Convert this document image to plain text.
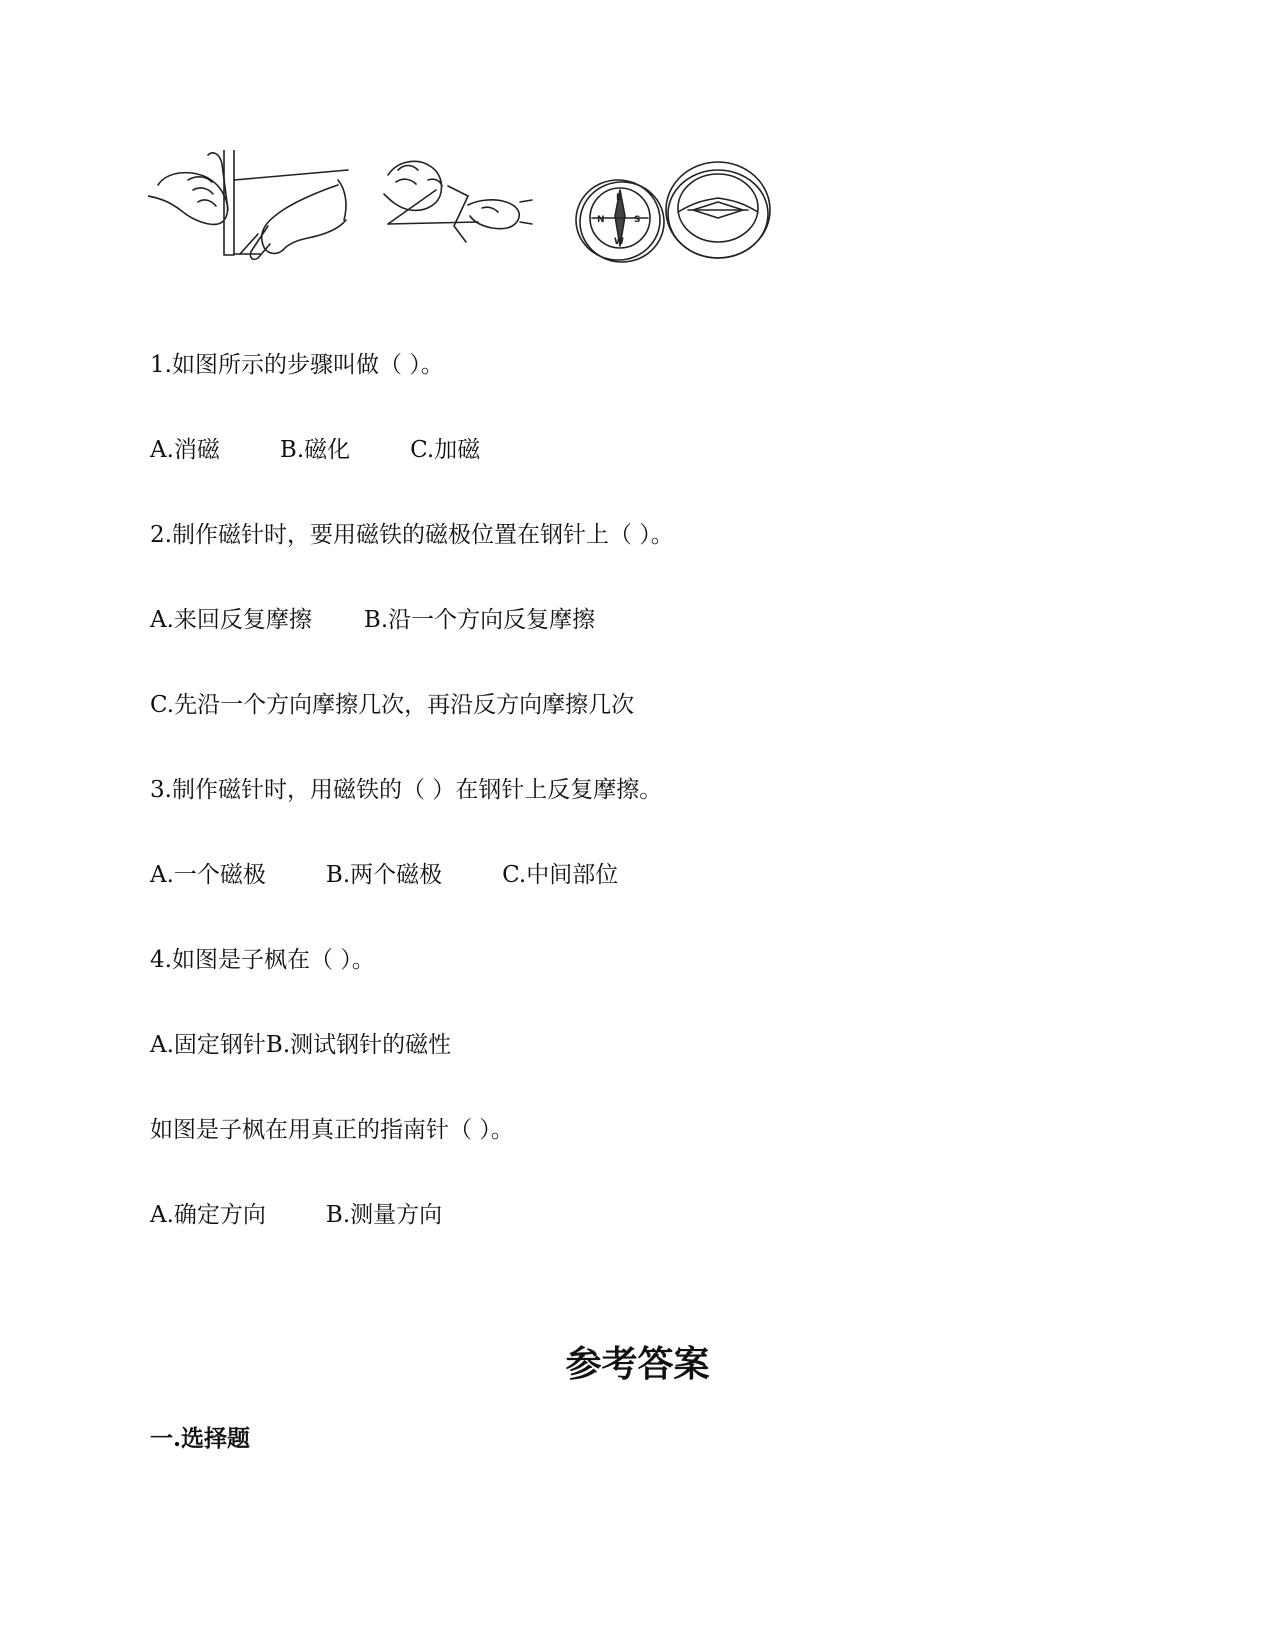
E
S
W
N
1.如图所示的步骤叫做（ ）。
A.消磁	B.磁化	C.加磁
2.制作磁针时，要用磁铁的磁极位置在钢针上（ ）。
A.来回反复摩擦 B.沿一个方向反复摩擦
C.先沿一个方向摩擦几次，再沿反方向摩擦几次
3.制作磁针时，用磁铁的（ ）在钢针上反复摩擦。
A.一个磁极	B.两个磁极	C.中间部位
4.如图是子枫在（ ）。
A.固定钢针B.测试钢针的磁性
如图是子枫在用真正的指南针（ ）。
A.确定方向	B.测量方向
参考答案
一.选择题
